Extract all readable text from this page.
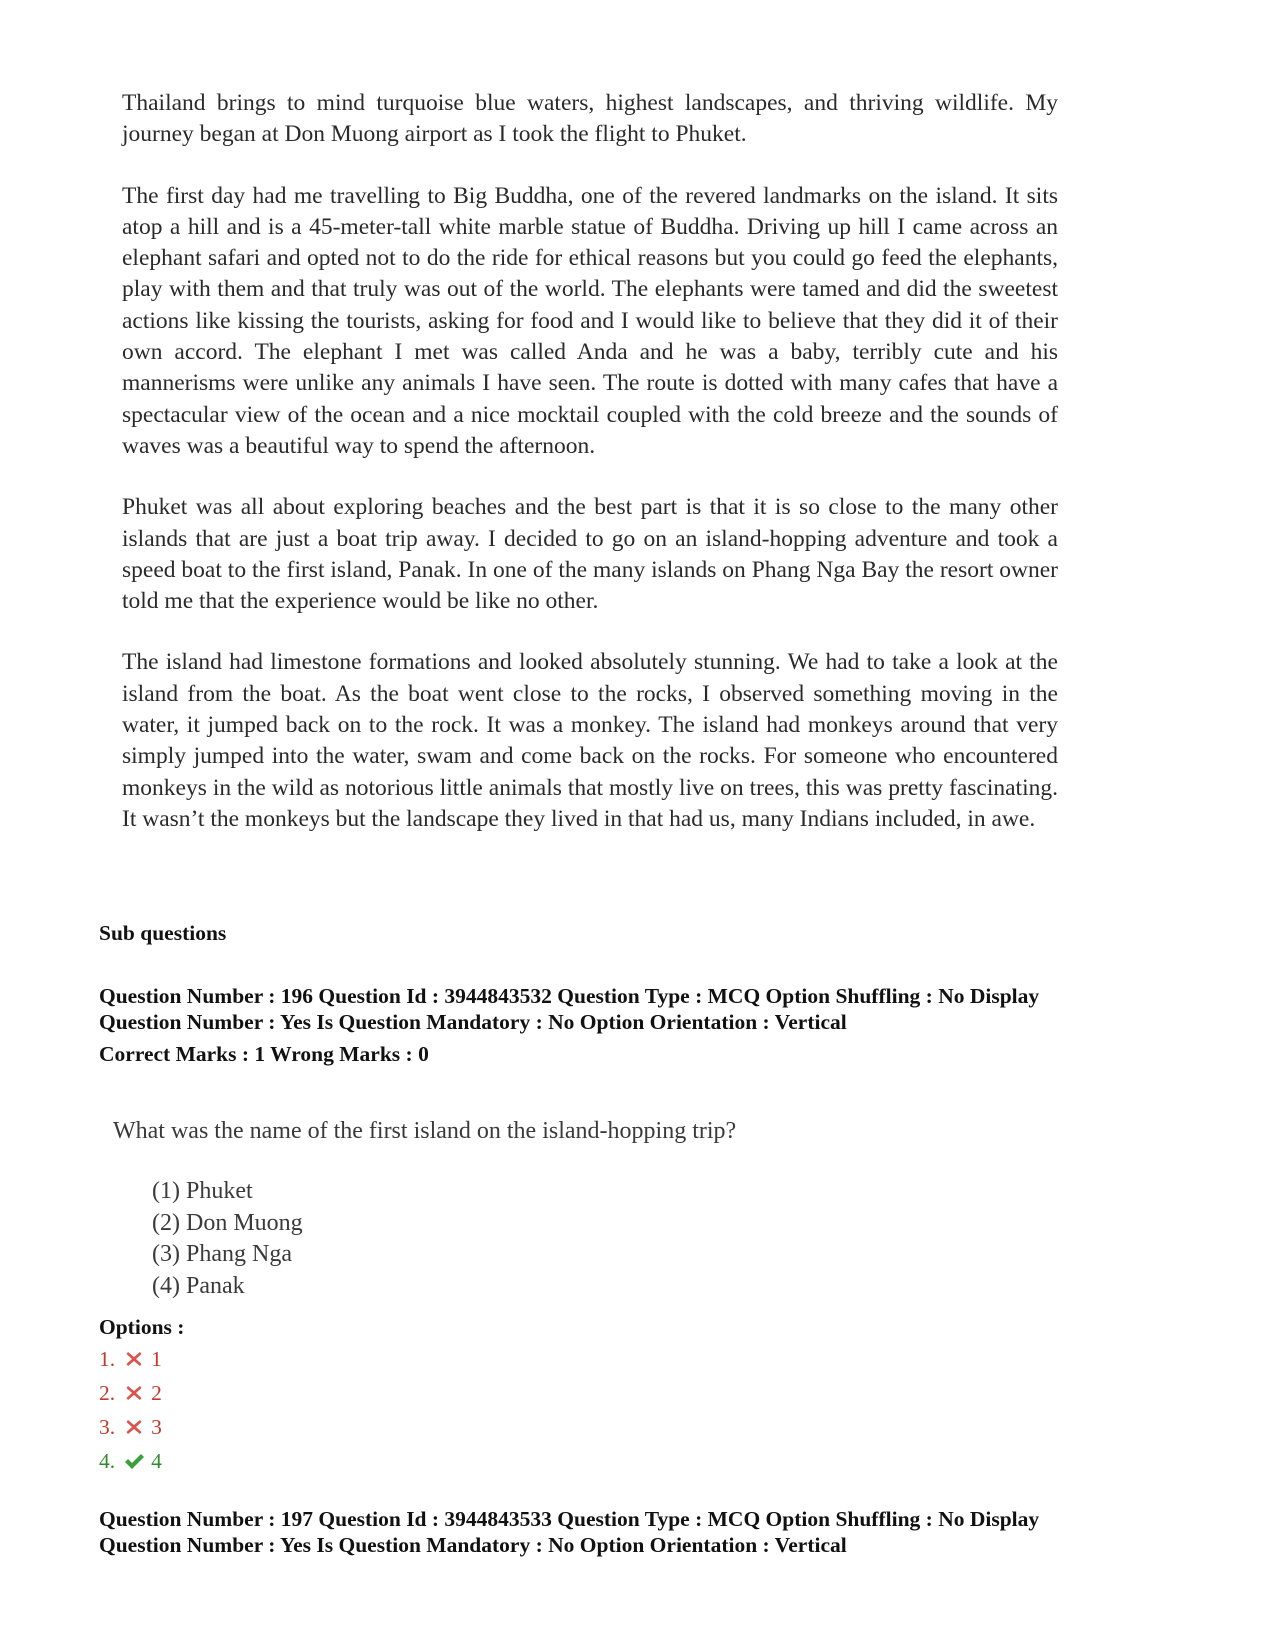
Thailand brings to mind turquoise blue waters, highest landscapes, and thriving wildlife. My journey began at Don Muong airport as I took the flight to Phuket.

The first day had me travelling to Big Buddha, one of the revered landmarks on the island. It sits atop a hill and is a 45-meter-tall white marble statue of Buddha. Driving up hill I came across an elephant safari and opted not to do the ride for ethical reasons but you could go feed the elephants, play with them and that truly was out of the world. The elephants were tamed and did the sweetest actions like kissing the tourists, asking for food and I would like to believe that they did it of their own accord. The elephant I met was called Anda and he was a baby, terribly cute and his mannerisms were unlike any animals I have seen. The route is dotted with many cafes that have a spectacular view of the ocean and a nice mocktail coupled with the cold breeze and the sounds of waves was a beautiful way to spend the afternoon.

Phuket was all about exploring beaches and the best part is that it is so close to the many other islands that are just a boat trip away. I decided to go on an island-hopping adventure and took a speed boat to the first island, Panak. In one of the many islands on Phang Nga Bay the resort owner told me that the experience would be like no other.

The island had limestone formations and looked absolutely stunning. We had to take a look at the island from the boat. As the boat went close to the rocks, I observed something moving in the water, it jumped back on to the rock. It was a monkey. The island had monkeys around that very simply jumped into the water, swam and come back on the rocks. For someone who encountered monkeys in the wild as notorious little animals that mostly live on trees, this was pretty fascinating. It wasn’t the monkeys but the landscape they lived in that had us, many Indians included, in awe.

Sub questions
Question Number : 196 Question Id : 3944843532 Question Type : MCQ Option Shuffling : No Display
Question Number : Yes Is Question Mandatory : No Option Orientation : Vertical
Correct Marks : 1 Wrong Marks : 0
What was the name of the first island on the island-hopping trip?
(1) Phuket
(2) Don Muong
(3) Phang Nga
(4) Panak
Options :
1. 1
2. 2
3. 3
4. 4
Question Number : 197 Question Id : 3944843533 Question Type : MCQ Option Shuffling : No Display
Question Number : Yes Is Question Mandatory : No Option Orientation : Vertical
